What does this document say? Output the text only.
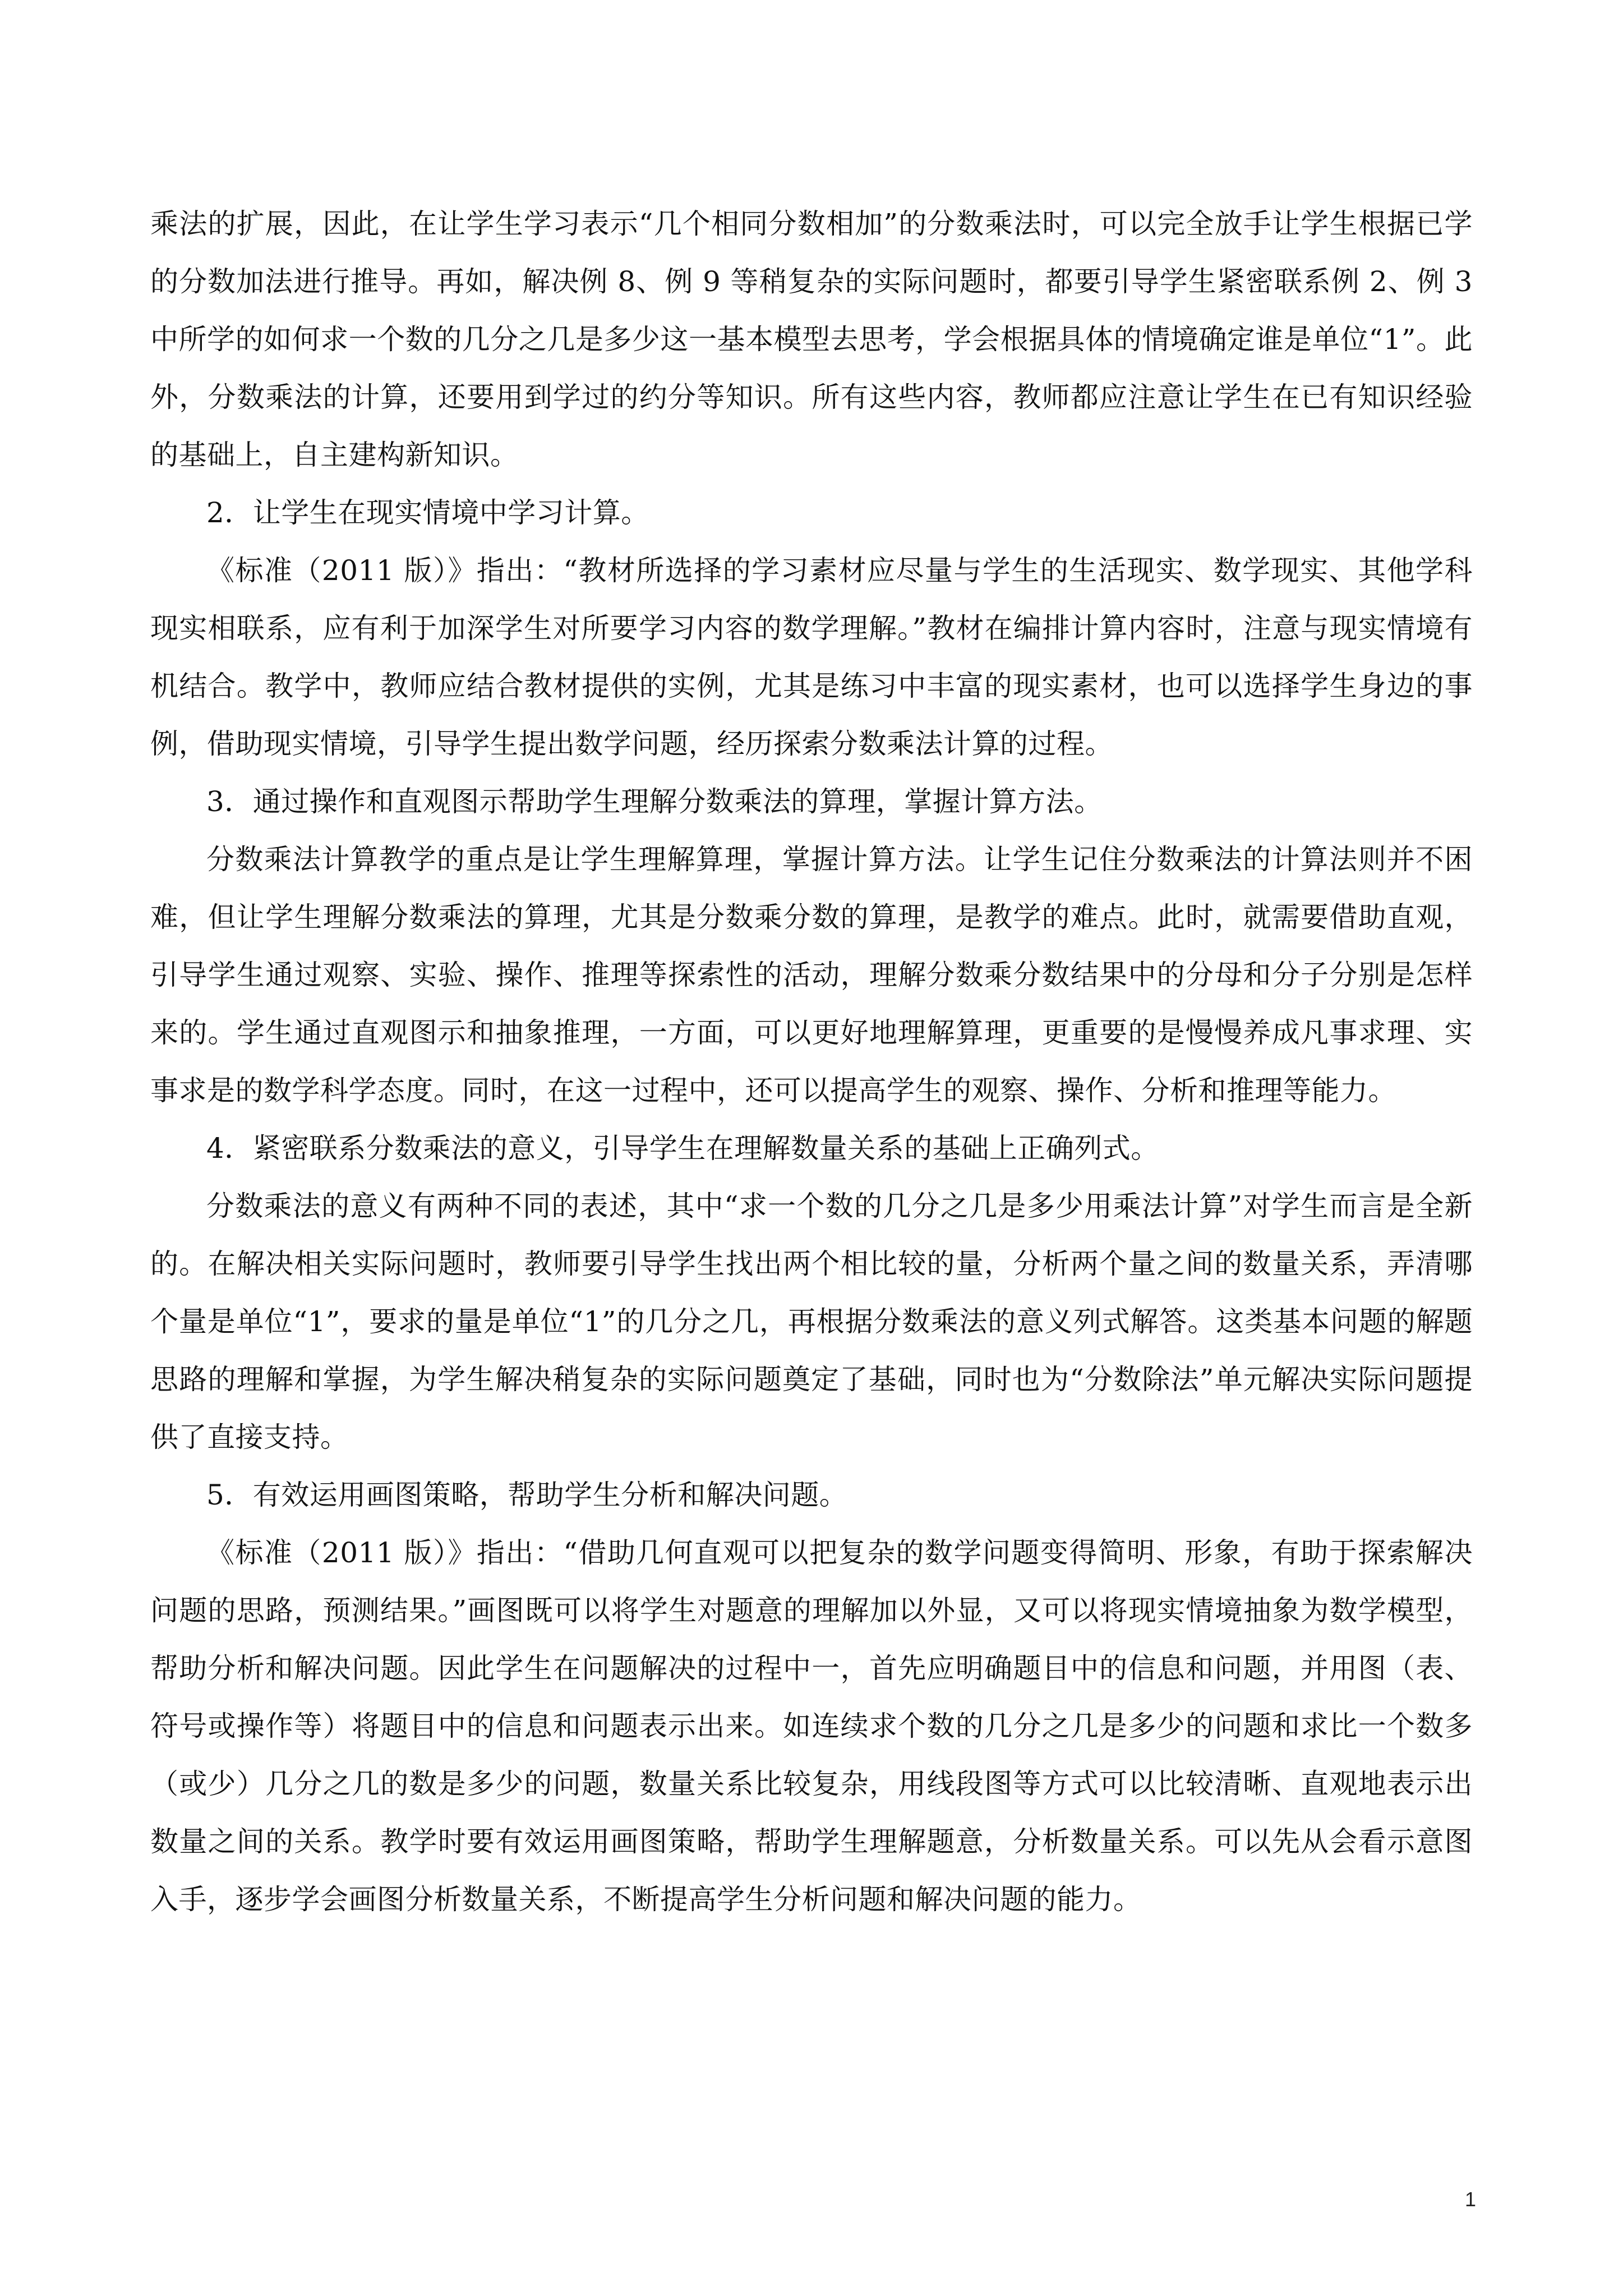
乘法的扩展，因此，在让学生学习表示“几个相同分数相加”的分数乘法时，可以完全放手让学生根据已学的分数加法进行推导。再如，解决例 8、例 9 等稍复杂的实际问题时，都要引导学生紧密联系例 2、例 3 中所学的如何求一个数的几分之几是多少这一基本模型去思考，学会根据具体的情境确定谁是单位“1”。此外，分数乘法的计算，还要用到学过的约分等知识。所有这些内容，教师都应注意让学生在已有知识经验的基础上，自主建构新知识。

2．让学生在现实情境中学习计算。

《标准（2011 版）》指出：“教材所选择的学习素材应尽量与学生的生活现实、数学现实、其他学科现实相联系，应有利于加深学生对所要学习内容的数学理解。”教材在编排计算内容时，注意与现实情境有机结合。教学中，教师应结合教材提供的实例，尤其是练习中丰富的现实素材，也可以选择学生身边的事例，借助现实情境，引导学生提出数学问题，经历探索分数乘法计算的过程。

3．通过操作和直观图示帮助学生理解分数乘法的算理，掌握计算方法。

分数乘法计算教学的重点是让学生理解算理，掌握计算方法。让学生记住分数乘法的计算法则并不困难，但让学生理解分数乘法的算理，尤其是分数乘分数的算理，是教学的难点。此时，就需要借助直观，引导学生通过观察、实验、操作、推理等探索性的活动，理解分数乘分数结果中的分母和分子分别是怎样来的。学生通过直观图示和抽象推理，一方面，可以更好地理解算理，更重要的是慢慢养成凡事求理、实事求是的数学科学态度。同时，在这一过程中，还可以提高学生的观察、操作、分析和推理等能力。

4．紧密联系分数乘法的意义，引导学生在理解数量关系的基础上正确列式。

分数乘法的意义有两种不同的表述，其中“求一个数的几分之几是多少用乘法计算”对学生而言是全新的。在解决相关实际问题时，教师要引导学生找出两个相比较的量，分析两个量之间的数量关系，弄清哪个量是单位“1”，要求的量是单位“1”的几分之几，再根据分数乘法的意义列式解答。这类基本问题的解题思路的理解和掌握，为学生解决稍复杂的实际问题奠定了基础，同时也为“分数除法”单元解决实际问题提供了直接支持。

5．有效运用画图策略，帮助学生分析和解决问题。

《标准（2011 版）》指出：“借助几何直观可以把复杂的数学问题变得简明、形象，有助于探索解决问题的思路，预测结果。”画图既可以将学生对题意的理解加以外显，又可以将现实情境抽象为数学模型，帮助分析和解决问题。因此学生在问题解决的过程中一，首先应明确题目中的信息和问题，并用图（表、符号或操作等）将题目中的信息和问题表示出来。如连续求个数的几分之几是多少的问题和求比一个数多（或少）几分之几的数是多少的问题，数量关系比较复杂，用线段图等方式可以比较清晰、直观地表示出数量之间的关系。教学时要有效运用画图策略，帮助学生理解题意，分析数量关系。可以先从会看示意图入手，逐步学会画图分析数量关系，不断提高学生分析问题和解决问题的能力。

1
